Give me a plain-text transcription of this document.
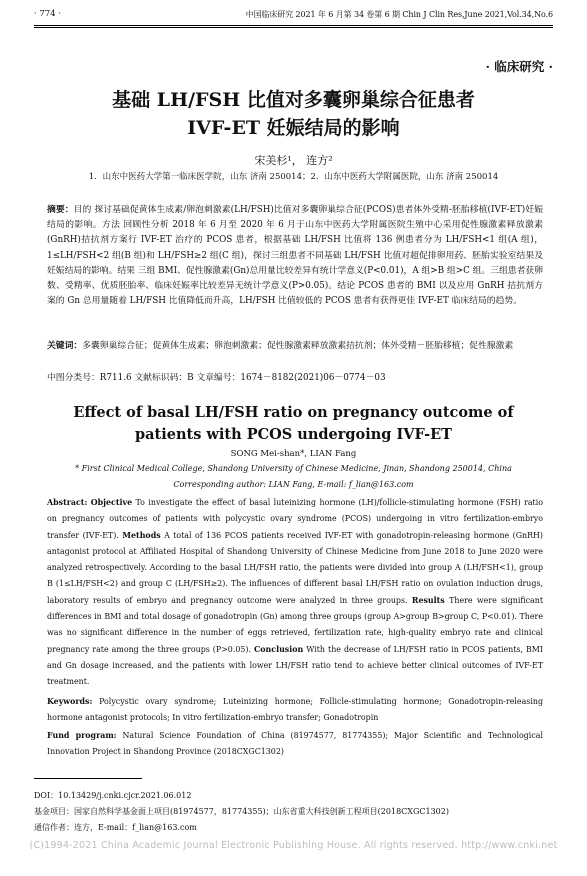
· 774 ·	中国临床研究 2021 年 6 月第 34 卷第 6 期 Chin J Clin Res,June 2021,Vol.34,No.6
· 临床研究 ·
基础 LH/FSH 比值对多囊卵巢综合征患者
IVF-ET 妊娠结局的影响
宋美杉¹， 连方²
1．山东中医药大学第一临床医学院，山东 济南 250014；2．山东中医药大学附属医院，山东 济南 250014
摘要：目的 探讨基础促黄体生成素/卵泡刺激素(LH/FSH)比值对多囊卵巢综合征(PCOS)患者体外受精-胚胎移植(IVF-ET)妊娠结局的影响。方法 回顾性分析 2018 年 6 月至 2020 年 6 月于山东中医药大学附属医院生殖中心采用促性腺激素释放激素(GnRH)拮抗剂方案行 IVF-ET 治疗的 PCOS 患者，根据基础 LH/FSH 比值将 136 例患者分为 LH/FSH<1 组(A 组)，1≤LH/FSH<2 组(B 组)和 LH/FSH≥2 组(C 组)，探讨三组患者不同基础 LH/FSH 比值对超促排卵用药、胚胎实验室结果及妊娠结局的影响。结果 三组 BMI、促性腺激素(Gn)总用量比较差异有统计学意义(P<0.01)，A 组>B 组>C 组。三组患者获卵数、受精率、优质胚胎率、临床妊娠率比较差异无统计学意义(P>0.05)。结论 PCOS 患者的 BMI 以及应用 GnRH 拮抗剂方案的 Gn 总用量随着 LH/FSH 比值降低而升高，LH/FSH 比值较低的 PCOS 患者有获得更佳 IVF-ET 临床结局的趋势。
关键词：多囊卵巢综合征；促黄体生成素；卵泡刺激素；促性腺激素释放激素拮抗剂；体外受精－胚胎移植；促性腺激素
中图分类号：R711.6 文献标识码：B 文章编号：1674－8182(2021)06－0774－03
Effect of basal LH/FSH ratio on pregnancy outcome of
patients with PCOS undergoing IVF-ET
SONG Mei-shan*, LIAN Fang
* First Clinical Medical College, Shandong University of Chinese Medicine, Jinan, Shandong 250014, China
Corresponding author: LIAN Fang, E-mail: f_lian@163.com
Abstract: Objective To investigate the effect of basal luteinizing hormone (LH)/follicle-stimulating hormone (FSH) ratio on pregnancy outcomes of patients with polycystic ovary syndrome (PCOS) undergoing in vitro fertilization-embryo transfer (IVF-ET). Methods A total of 136 PCOS patients received IVF-ET with gonadotropin-releasing hormone (GnRH) antagonist protocol at Affiliated Hospital of Shandong University of Chinese Medicine from June 2018 to June 2020 were analyzed retrospectively. According to the basal LH/FSH ratio, the patients were divided into group A (LH/FSH<1), group B (1≤LH/FSH<2) and group C (LH/FSH≥2). The influences of different basal LH/FSH ratio on ovulation induction drugs, laboratory results of embryo and pregnancy outcome were analyzed in three groups. Results There were significant differences in BMI and total dosage of gonadotropin (Gn) among three groups (group A>group B>group C, P<0.01). There was no significant difference in the number of eggs retrieved, fertilization rate, high-quality embryo rate and clinical pregnancy rate among the three groups (P>0.05). Conclusion With the decrease of LH/FSH ratio in PCOS patients, BMI and Gn dosage increased, and the patients with lower LH/FSH ratio tend to achieve better clinical outcomes of IVF-ET treatment.
Keywords: Polycystic ovary syndrome; Luteinizing hormone; Follicle-stimulating hormone; Gonadotropin-releasing hormone antagonist protocols; In vitro fertilization-embryo transfer; Gonadotropin
Fund program: Natural Science Foundation of China (81974577, 81774355); Major Scientific and Technological Innovation Project in Shandong Province (2018CXGC1302)
DOI：10.13429/j.cnki.cjcr.2021.06.012
基金项目：国家自然科学基金面上项目(81974577，81774355)；山东省重大科技创新工程项目(2018CXGC1302)
通信作者：连方，E-mail：f_lian@163.com
(C)1994-2021 China Academic Journal Electronic Publishing House. All rights reserved. http://www.cnki.net
